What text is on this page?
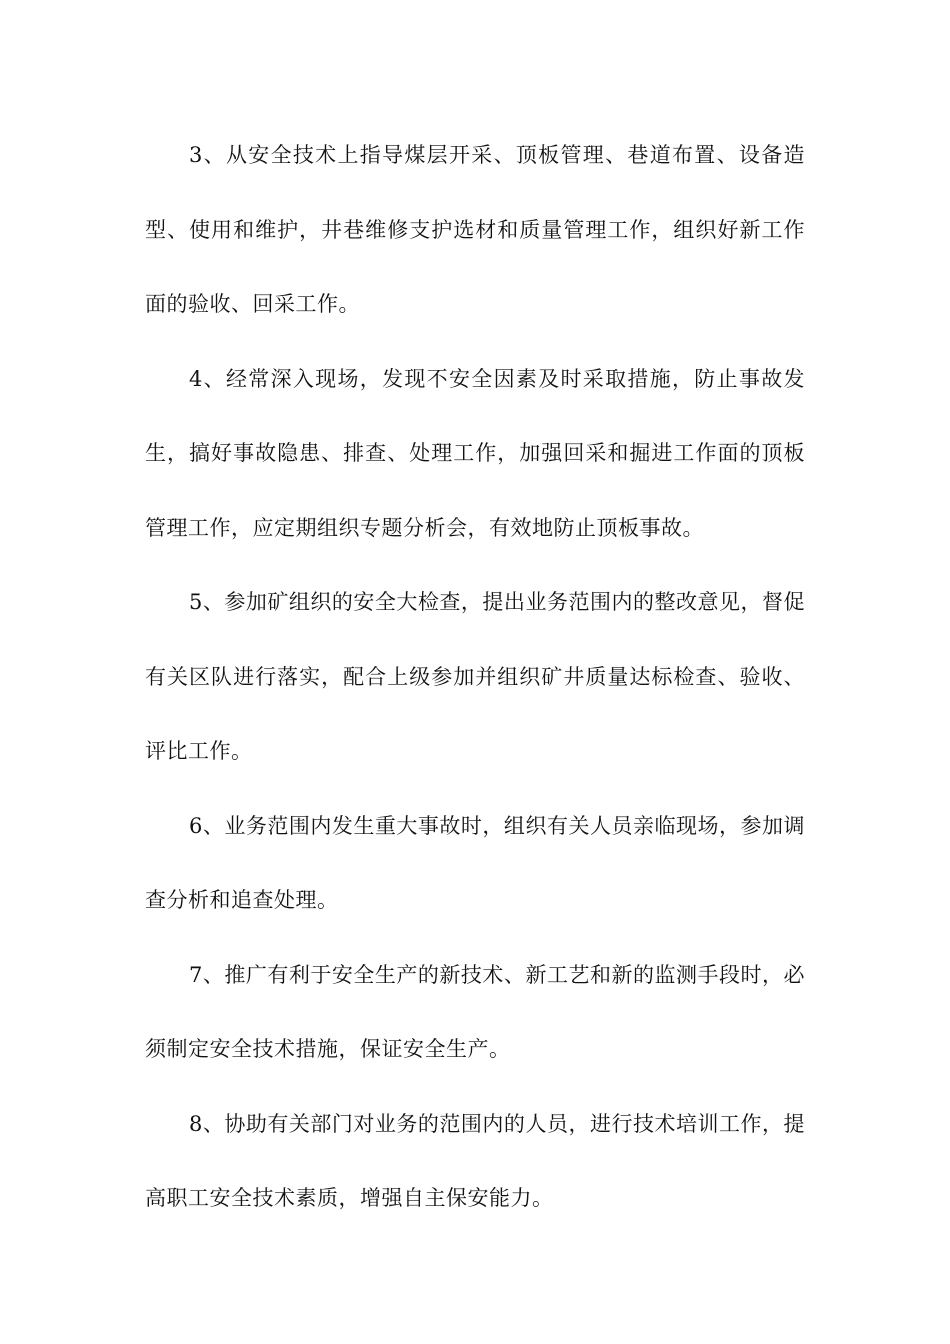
3、从安全技术上指导煤层开采、顶板管理、巷道布置、设备造型、使用和维护，井巷维修支护选材和质量管理工作，组织好新工作面的验收、回采工作。

4、经常深入现场，发现不安全因素及时采取措施，防止事故发生，搞好事故隐患、排查、处理工作，加强回采和掘进工作面的顶板管理工作，应定期组织专题分析会，有效地防止顶板事故。

5、参加矿组织的安全大检查，提出业务范围内的整改意见，督促有关区队进行落实，配合上级参加并组织矿井质量达标检查、验收、评比工作。

6、业务范围内发生重大事故时，组织有关人员亲临现场，参加调查分析和追查处理。

7、推广有利于安全生产的新技术、新工艺和新的监测手段时，必须制定安全技术措施，保证安全生产。

8、协助有关部门对业务的范围内的人员，进行技术培训工作，提高职工安全技术素质，增强自主保安能力。
